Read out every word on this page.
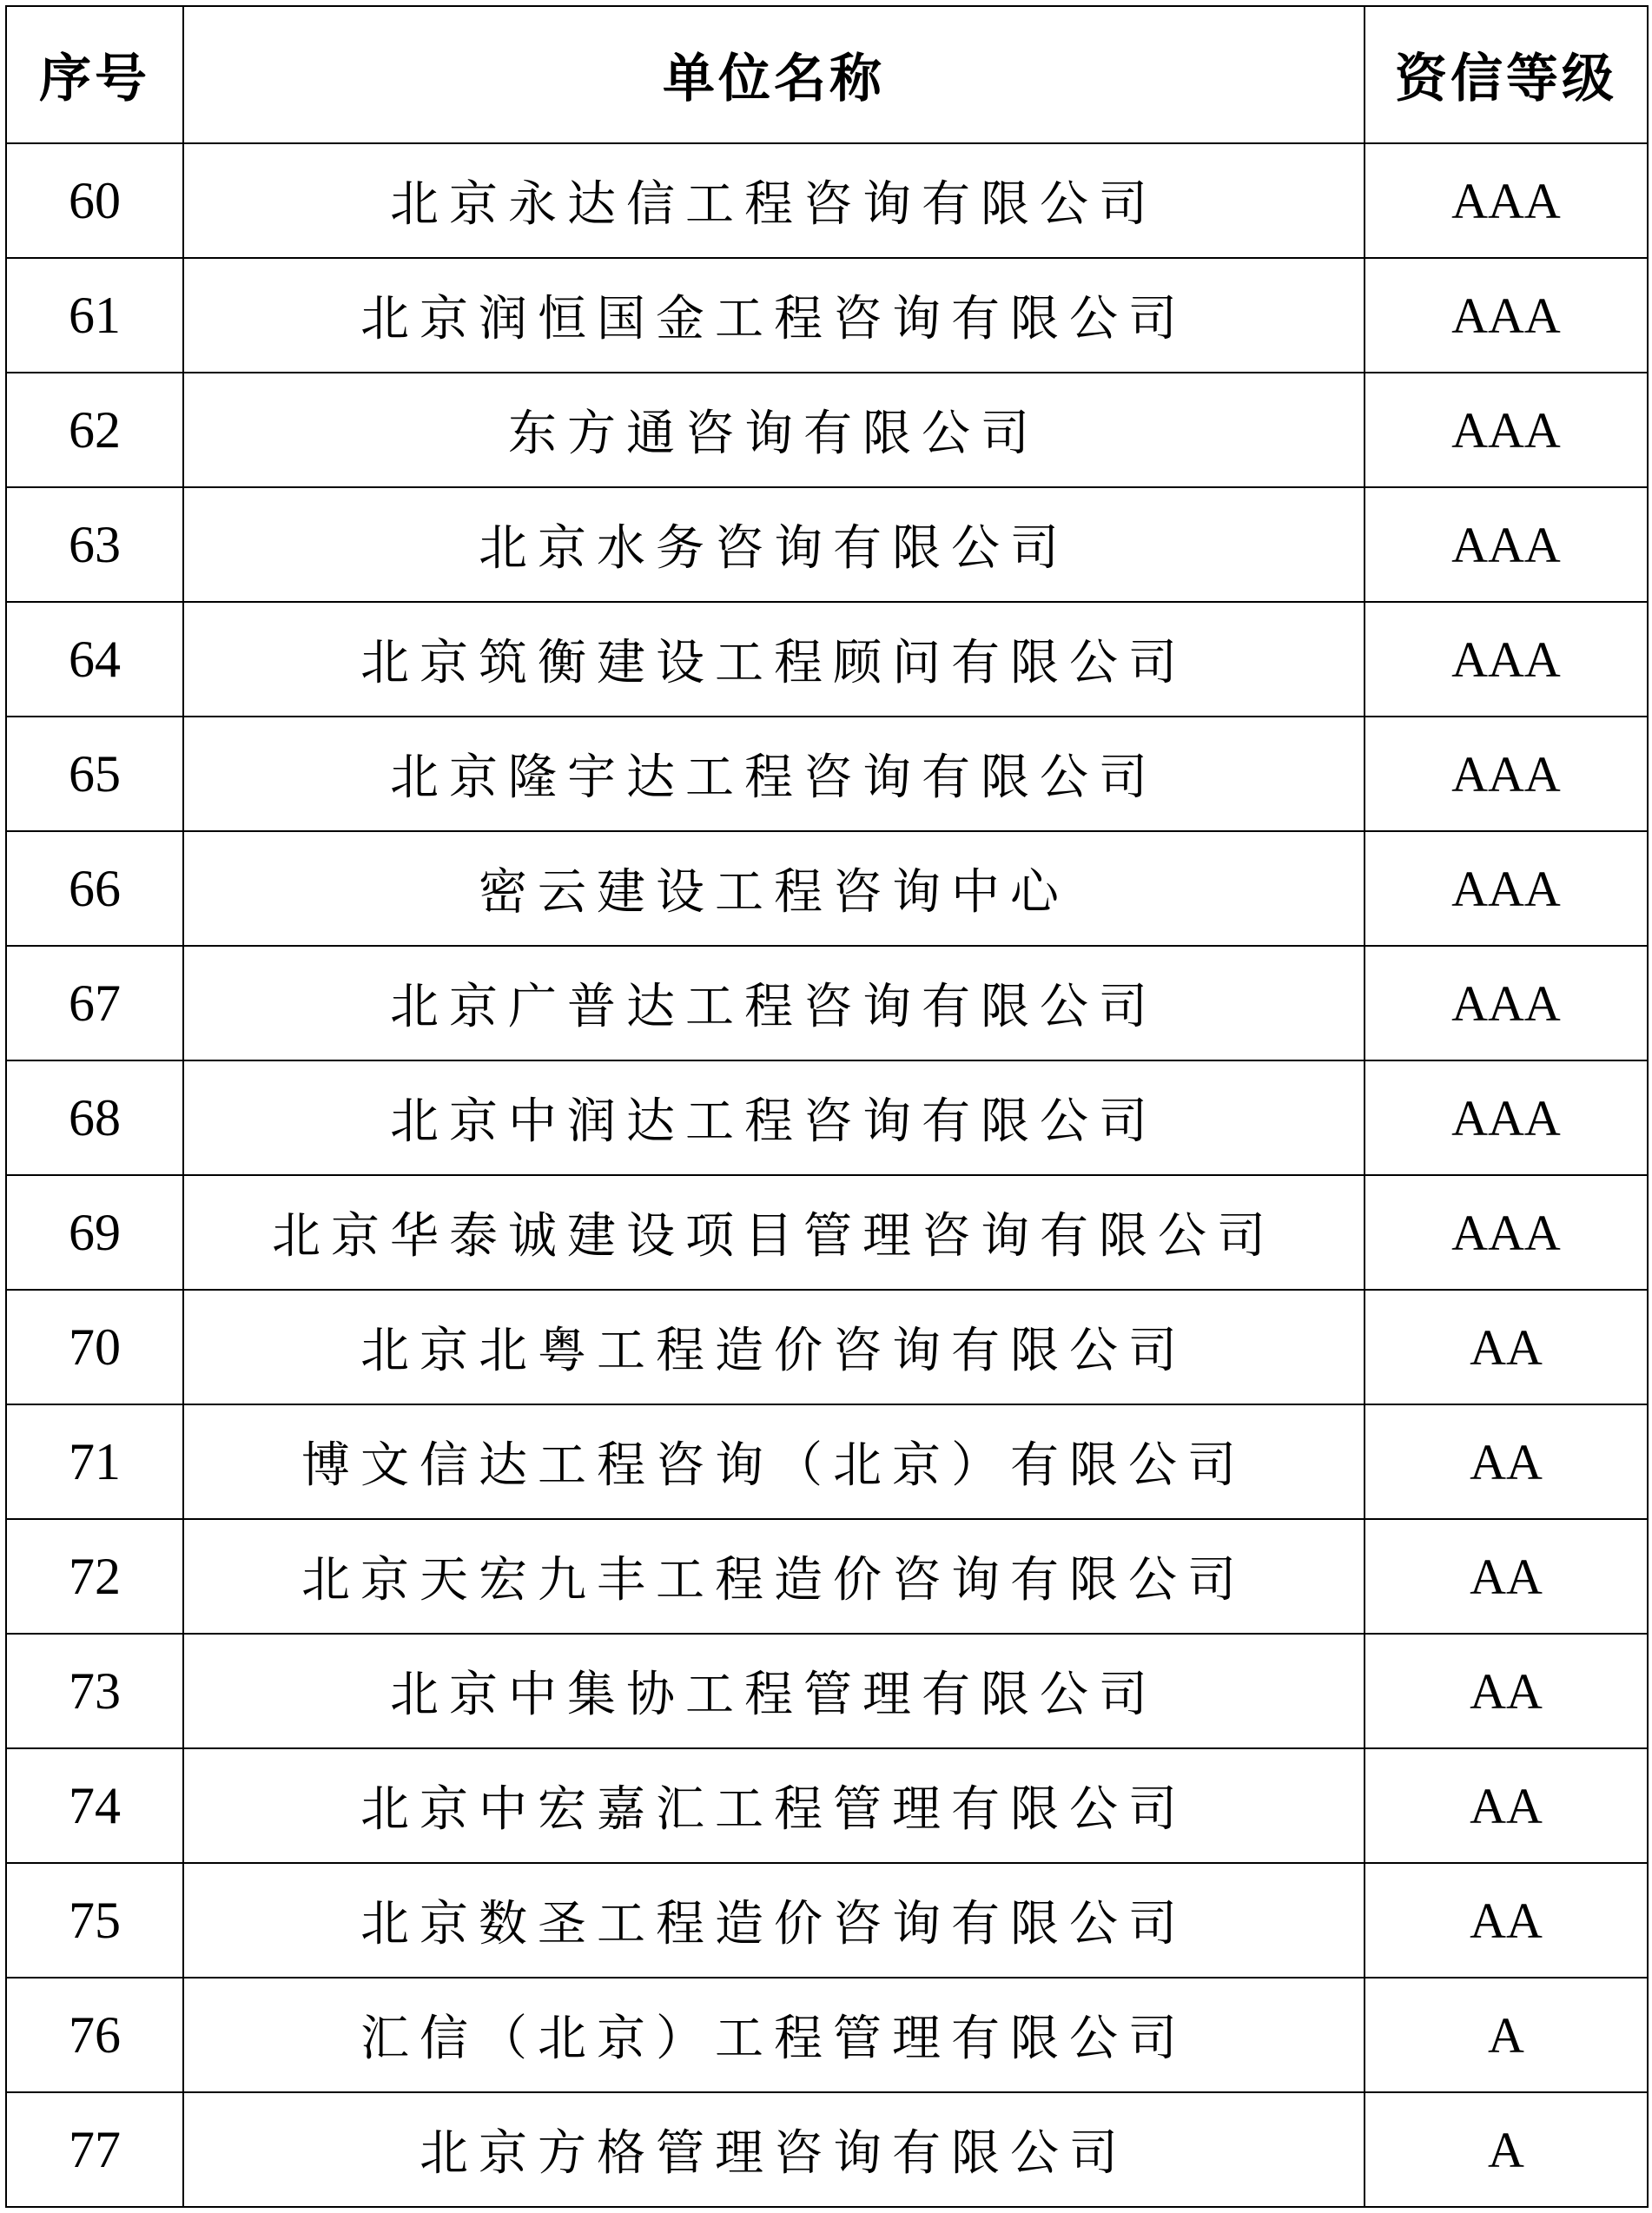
序号	单位名称	资信等级
60	北京永达信工程咨询有限公司	AAA
61	北京润恒国金工程咨询有限公司	AAA
62	东方通咨询有限公司	AAA
63	北京水务咨询有限公司	AAA
64	北京筑衡建设工程顾问有限公司	AAA
65	北京隆宇达工程咨询有限公司	AAA
66	密云建设工程咨询中心	AAA
67	北京广普达工程咨询有限公司	AAA
68	北京中润达工程咨询有限公司	AAA
69	北京华泰诚建设项目管理咨询有限公司	AAA
70	北京北粤工程造价咨询有限公司	AA
71	博文信达工程咨询（北京）有限公司	AA
72	北京天宏九丰工程造价咨询有限公司	AA
73	北京中集协工程管理有限公司	AA
74	北京中宏嘉汇工程管理有限公司	AA
75	北京数圣工程造价咨询有限公司	AA
76	汇信（北京）工程管理有限公司	A
77	北京方格管理咨询有限公司	A
